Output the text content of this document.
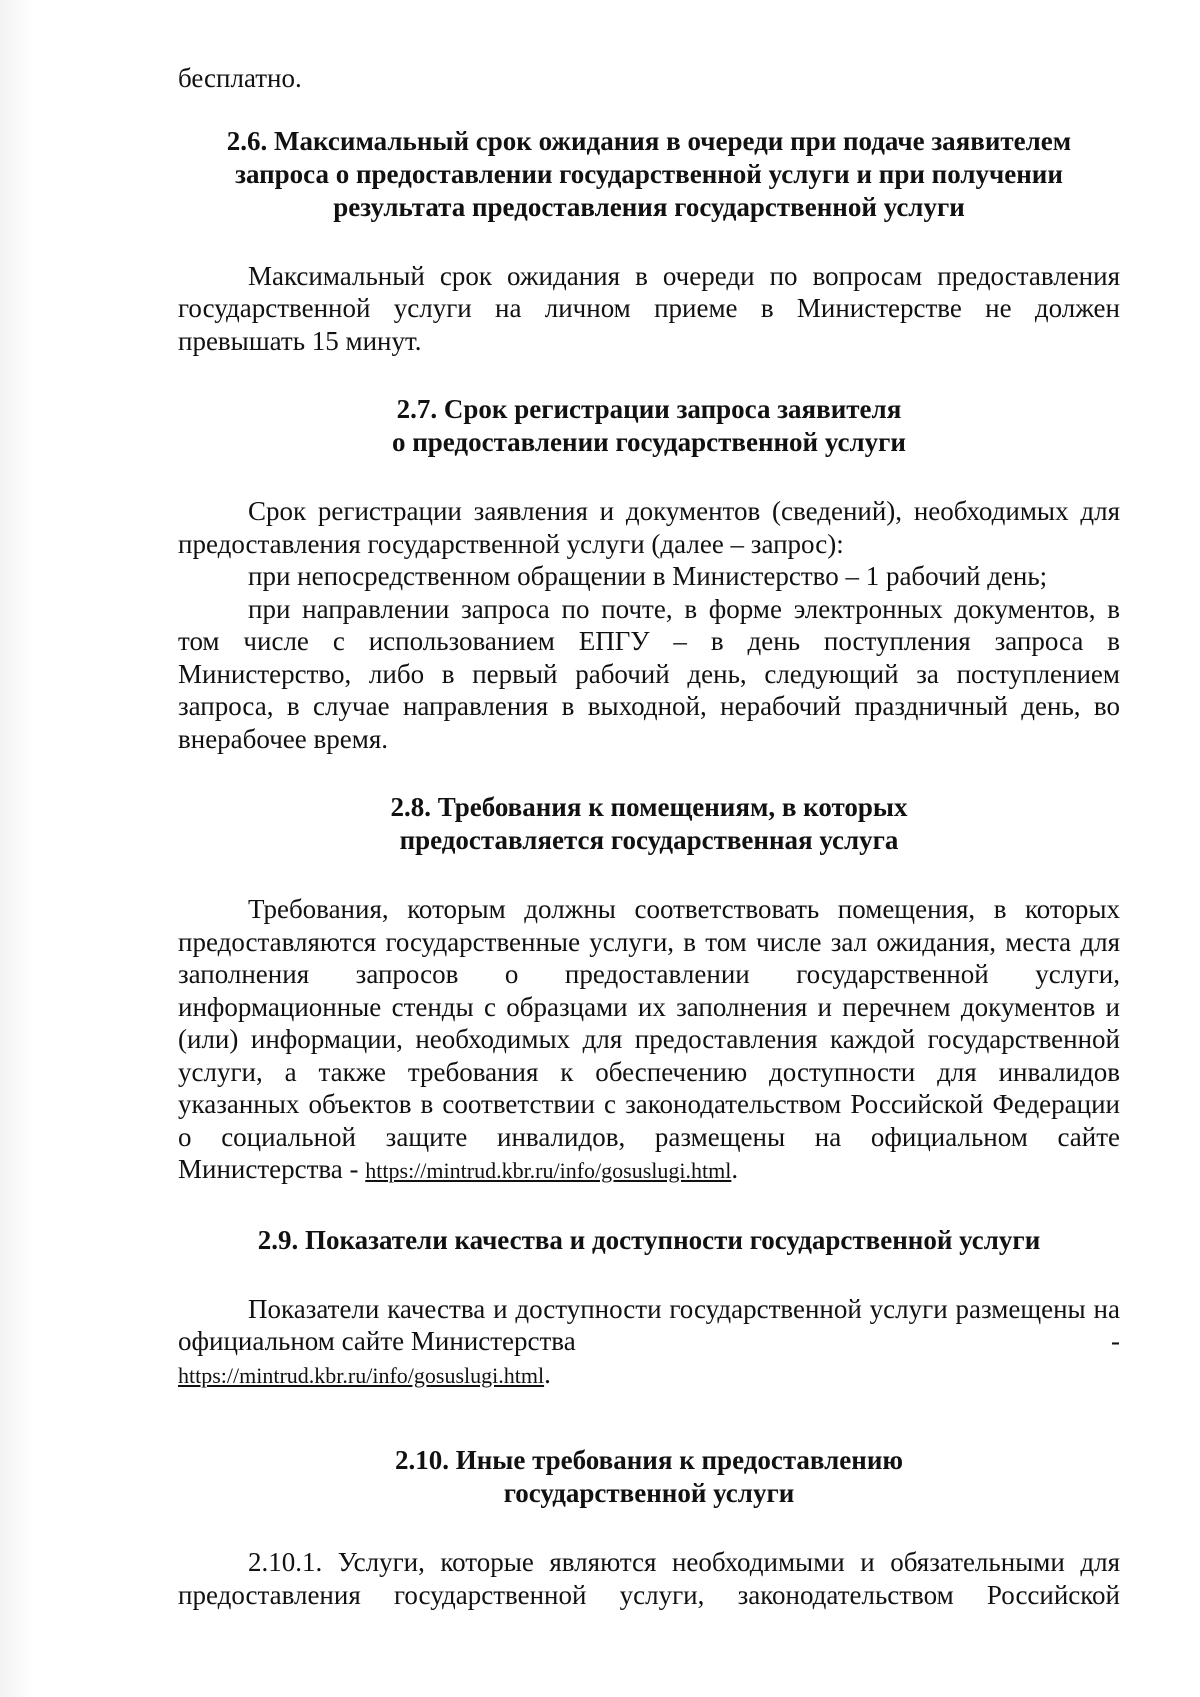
бесплатно.

2.6. Максимальный срок ожидания в очереди при подаче заявителем
запроса о предоставлении государственной услуги и при получении
результата предоставления государственной услуги

Максимальный срок ожидания в очереди по вопросам предоставления государственной услуги на личном приеме в Министерстве не должен превышать 15 минут.

2.7. Срок регистрации запроса заявителя
о предоставлении государственной услуги

Срок регистрации заявления и документов (сведений), необходимых для предоставления государственной услуги (далее – запрос):

при непосредственном обращении в Министерство – 1 рабочий день;

при направлении запроса по почте, в форме электронных документов, в том числе с использованием ЕПГУ – в день поступления запроса в Министерство, либо в первый рабочий день, следующий за поступлением запроса, в случае направления в выходной, нерабочий праздничный день, во внерабочее время.

2.8. Требования к помещениям, в которых
предоставляется государственная услуга

Требования, которым должны соответствовать помещения, в которых предоставляются государственные услуги, в том числе зал ожидания, места для заполнения запросов о предоставлении государственной услуги, информационные стенды с образцами их заполнения и перечнем документов и (или) информации, необходимых для предоставления каждой государственной услуги, а также требования к обеспечению доступности для инвалидов указанных объектов в соответствии с законодательством Российской Федерации о социальной защите инвалидов, размещены на официальном сайте Министерства - https://mintrud.kbr.ru/info/gosuslugi.html.

2.9. Показатели качества и доступности государственной услуги

Показатели качества и доступности государственной услуги размещены на официальном сайте Министерства	-

https://mintrud.kbr.ru/info/gosuslugi.html.

2.10. Иные требования к предоставлению
государственной услуги

2.10.1. Услуги, которые являются необходимыми и обязательными для предоставления государственной услуги, законодательством Российской
